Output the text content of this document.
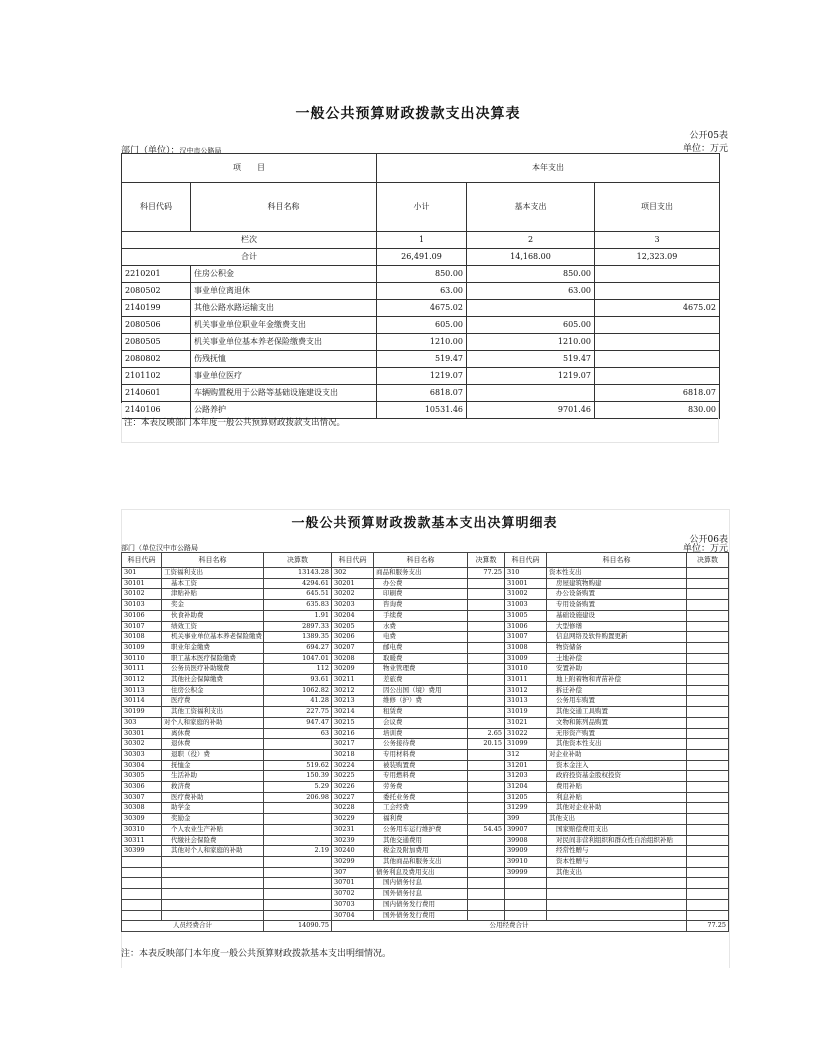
一般公共预算财政拨款支出决算表
公开05表
部门（单位）：汉中市公路局	单位：万元
项　　目		本年支出		
科目代码	科目名称	小计	基本支出	项目支出
栏次		1	2	3
合计		26,491.09	14,168.00	12,323.09
2210201	住房公积金	850.00	850.00	
2080502	事业单位离退休	63.00	63.00	
2140199	其他公路水路运输支出	4675.02		4675.02
2080506	机关事业单位职业年金缴费支出	605.00	605.00	
2080505	机关事业单位基本养老保险缴费支出	1210.00	1210.00	
2080802	伤残抚恤	519.47	519.47	
2101102	事业单位医疗	1219.07	1219.07	
2140601	车辆购置税用于公路等基础设施建设支出	6818.07		6818.07
2140106	公路养护	10531.46	9701.46	830.00
注：本表反映部门本年度一般公共预算财政拨款支出情况。
一般公共预算财政拨款基本支出决算明细表
公开06表
部门（单位汉中市公路局	单位：万元
科目代码	科目名称	决算数	科目代码	科目名称	决算数	科目代码	科目名称	决算数
301	工资福利支出	13143.28	302	商品和服务支出	77.25	310	资本性支出	
30101	基本工资	4294.61	30201	办公费		31001	房屋建筑物购建	
30102	津贴补贴	645.51	30202	印刷费		31002	办公设备购置	
30103	奖金	635.83	30203	咨询费		31003	专用设备购置	
30106	伙食补助费	1.91	30204	手续费		31005	基础设施建设	
30107	绩效工资	2897.33	30205	水费		31006	大型修缮	
30108	机关事业单位基本养老保险缴费	1389.35	30206	电费		31007	信息网络及软件购置更新	
30109	职业年金缴费	694.27	30207	邮电费		31008	物资储备	
30110	职工基本医疗保险缴费	1047.01	30208	取暖费		31009	土地补偿	
30111	公务员医疗补助缴费	112	30209	物业管理费		31010	安置补助	
30112	其他社会保障缴费	93.61	30211	差旅费		31011	地上附着物和青苗补偿	
30113	住房公积金	1062.82	30212	因公出国（境）费用		31012	拆迁补偿	
30114	医疗费	41.28	30213	维修（护）费		31013	公务用车购置	
30199	其他工资福利支出	227.75	30214	租赁费		31019	其他交通工具购置	
303	对个人和家庭的补助	947.47	30215	会议费		31021	文物和陈列品购置	
30301	离休费	63	30216	培训费	2.65	31022	无形资产购置	
30302	退休费		30217	公务接待费	20.15	31099	其他资本性支出	
30303	退职（役）费		30218	专用材料费		312	对企业补助	
30304	抚恤金	519.62	30224	被装购置费		31201	资本金注入	
30305	生活补助	150.39	30225	专用燃料费		31203	政府投资基金股权投资	
30306	救济费	5.29	30226	劳务费		31204	费用补贴	
30307	医疗费补助	206.98	30227	委托业务费		31205	利息补贴	
30308	助学金		30228	工会经费		31299	其他对企业补助	
30309	奖励金		30229	福利费		399	其他支出	
30310	个人农业生产补贴		30231	公务用车运行维护费	54.45	39907	国家赔偿费用支出	
30311	代缴社会保险费		30239	其他交通费用		39908	对民间非营利组织和群众性自治组织补贴	
30399	其他对个人和家庭的补助	2.19	30240	税金及附加费用		39909	经常性赠与	
			30299	其他商品和服务支出		39910	资本性赠与	
			307	债务利息及费用支出		39999	其他支出	
			30701	国内债务付息				
			30702	国外债务付息				
			30703	国内债务发行费用				
			30704	国外债务发行费用				
人员经费合计		14090.75	公用经费合计					77.25
注：本表反映部门本年度一般公共预算财政拨款基本支出明细情况。
